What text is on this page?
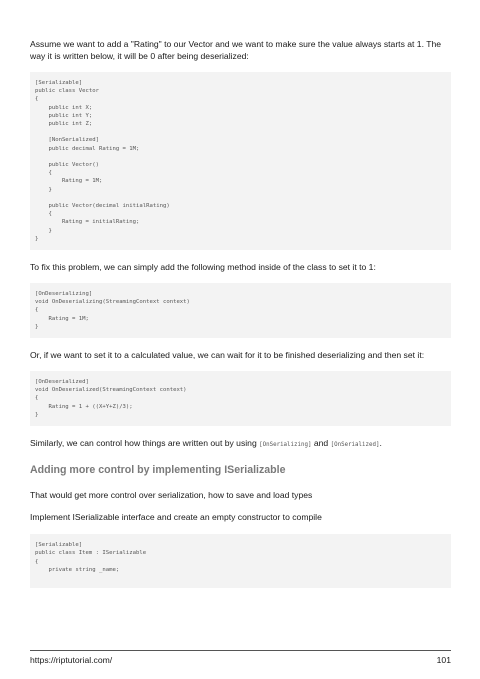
Assume we want to add a "Rating" to our Vector and we want to make sure the value always starts at 1. The way it is written below, it will be 0 after being deserialized:

[Serializable]
public class Vector
{
public int X;
public int Y;
public int Z;

[NonSerialized]
public decimal Rating = 1M;

public Vector()
{
Rating = 1M;
}

public Vector(decimal initialRating)
{
Rating = initialRating;
}
}

To fix this problem, we can simply add the following method inside of the class to set it to 1:

[OnDeserializing]
void OnDeserializing(StreamingContext context)
{
Rating = 1M;
}

Or, if we want to set it to a calculated value, we can wait for it to be finished deserializing and then set it:

[OnDeserialized]
void OnDeserialized(StreamingContext context)
{
Rating = 1 + ((X+Y+Z)/3);
}

Similarly, we can control how things are written out by using [OnSerializing] and [OnSerialized].

Adding more control by implementing ISerializable

That would get more control over serialization, how to save and load types

Implement ISerializable interface and create an empty constructor to compile

[Serializable]
public class Item : ISerializable
{
private string _name;
https://riptutorial.com/	101
